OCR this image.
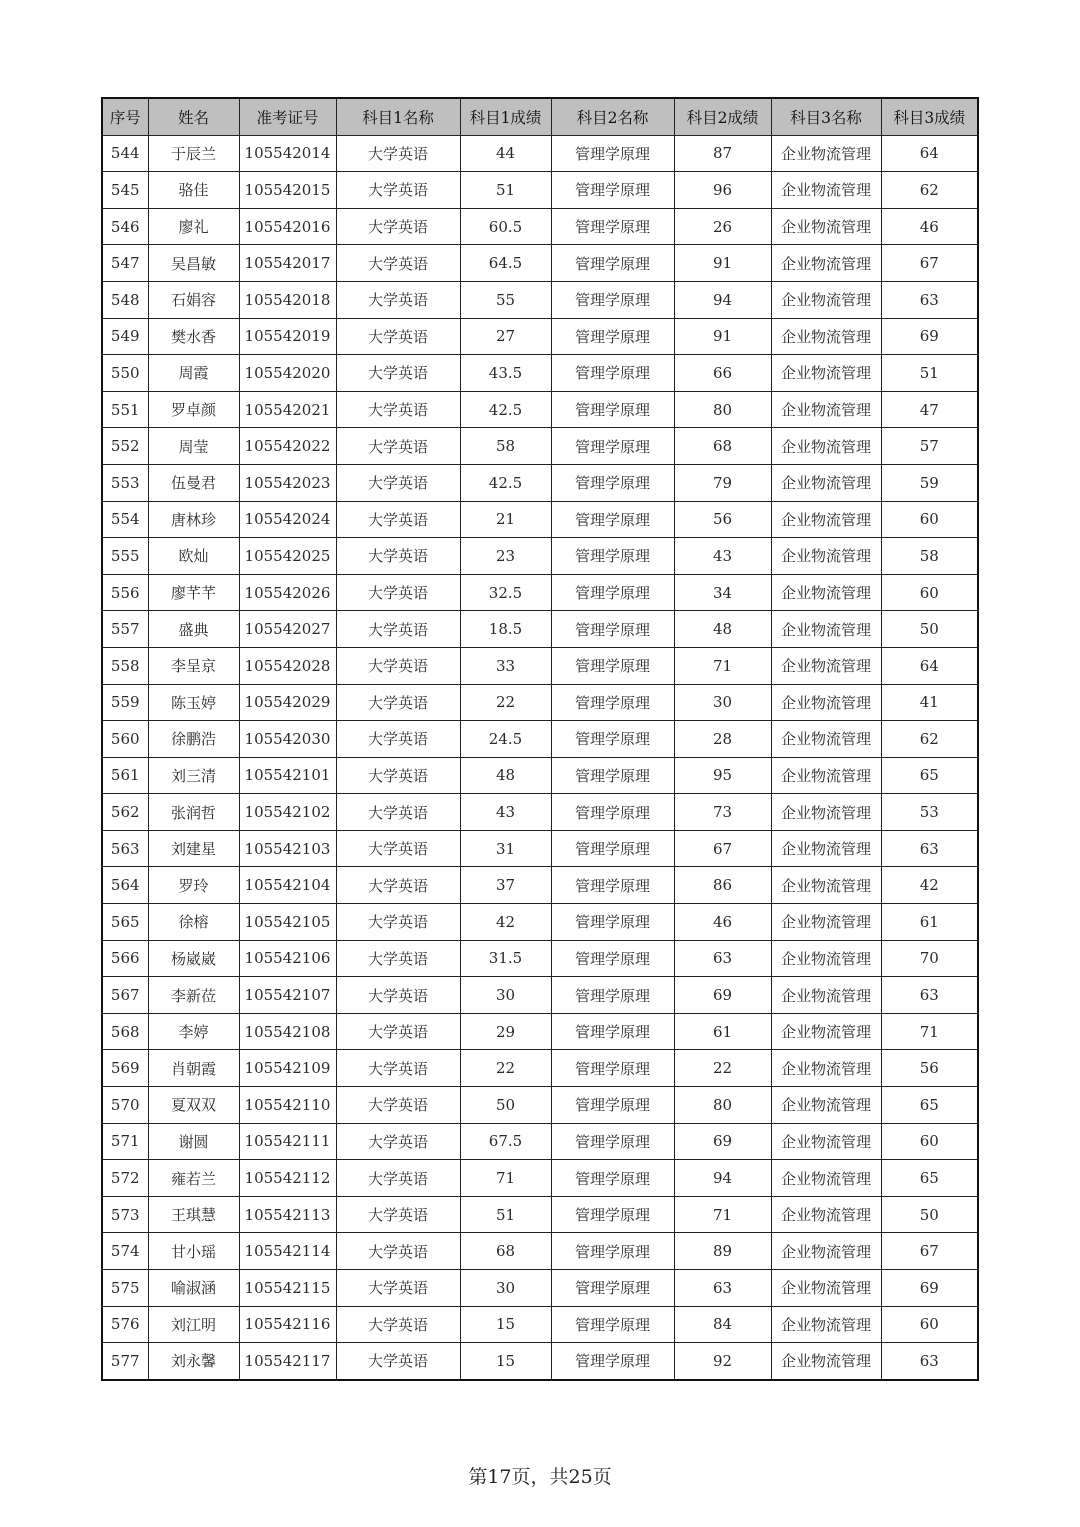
序号	姓名	准考证号	科目1名称	科目1成绩	科目2名称	科目2成绩	科目3名称	科目3成绩
544	于辰兰	105542014	大学英语	44	管理学原理	87	企业物流管理	64
545	骆佳	105542015	大学英语	51	管理学原理	96	企业物流管理	62
546	廖礼	105542016	大学英语	60.5	管理学原理	26	企业物流管理	46
547	吴昌敏	105542017	大学英语	64.5	管理学原理	91	企业物流管理	67
548	石娟容	105542018	大学英语	55	管理学原理	94	企业物流管理	63
549	樊水香	105542019	大学英语	27	管理学原理	91	企业物流管理	69
550	周霞	105542020	大学英语	43.5	管理学原理	66	企业物流管理	51
551	罗卓颜	105542021	大学英语	42.5	管理学原理	80	企业物流管理	47
552	周莹	105542022	大学英语	58	管理学原理	68	企业物流管理	57
553	伍曼君	105542023	大学英语	42.5	管理学原理	79	企业物流管理	59
554	唐林珍	105542024	大学英语	21	管理学原理	56	企业物流管理	60
555	欧灿	105542025	大学英语	23	管理学原理	43	企业物流管理	58
556	廖芊芊	105542026	大学英语	32.5	管理学原理	34	企业物流管理	60
557	盛典	105542027	大学英语	18.5	管理学原理	48	企业物流管理	50
558	李呈京	105542028	大学英语	33	管理学原理	71	企业物流管理	64
559	陈玉婷	105542029	大学英语	22	管理学原理	30	企业物流管理	41
560	徐鹏浩	105542030	大学英语	24.5	管理学原理	28	企业物流管理	62
561	刘三清	105542101	大学英语	48	管理学原理	95	企业物流管理	65
562	张润哲	105542102	大学英语	43	管理学原理	73	企业物流管理	53
563	刘建星	105542103	大学英语	31	管理学原理	67	企业物流管理	63
564	罗玲	105542104	大学英语	37	管理学原理	86	企业物流管理	42
565	徐榕	105542105	大学英语	42	管理学原理	46	企业物流管理	61
566	杨崴崴	105542106	大学英语	31.5	管理学原理	63	企业物流管理	70
567	李新莅	105542107	大学英语	30	管理学原理	69	企业物流管理	63
568	李婷	105542108	大学英语	29	管理学原理	61	企业物流管理	71
569	肖朝霞	105542109	大学英语	22	管理学原理	22	企业物流管理	56
570	夏双双	105542110	大学英语	50	管理学原理	80	企业物流管理	65
571	谢圆	105542111	大学英语	67.5	管理学原理	69	企业物流管理	60
572	雍若兰	105542112	大学英语	71	管理学原理	94	企业物流管理	65
573	王琪慧	105542113	大学英语	51	管理学原理	71	企业物流管理	50
574	甘小瑶	105542114	大学英语	68	管理学原理	89	企业物流管理	67
575	喻淑涵	105542115	大学英语	30	管理学原理	63	企业物流管理	69
576	刘江明	105542116	大学英语	15	管理学原理	84	企业物流管理	60
577	刘永馨	105542117	大学英语	15	管理学原理	92	企业物流管理	63
第17页，共25页
